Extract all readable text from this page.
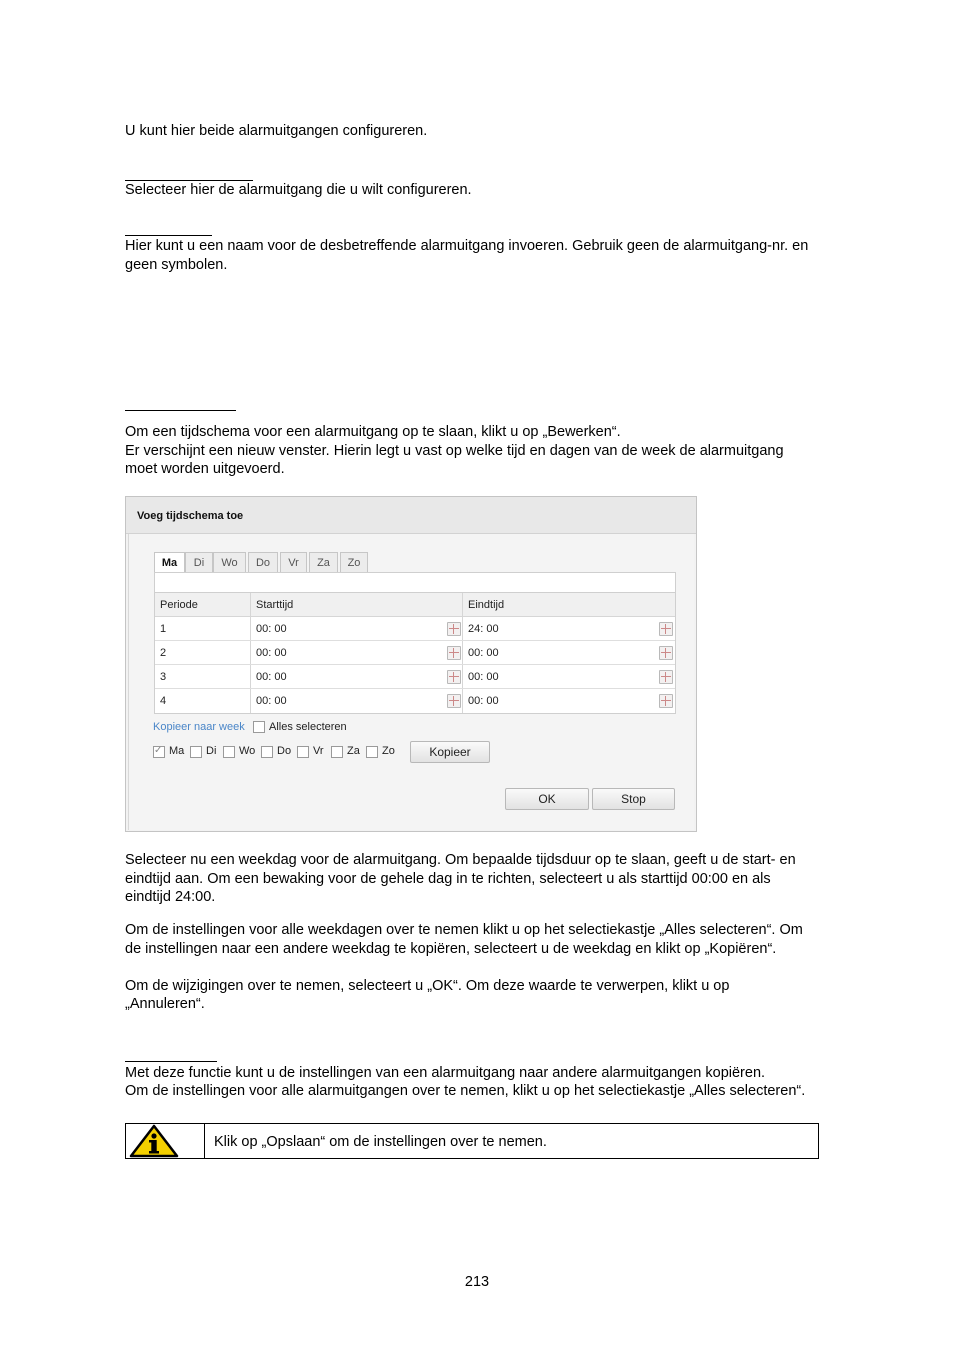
U kunt hier beide alarmuitgangen configureren.

Selecteer hier de alarmuitgang die u wilt configureren.

Hier kunt u een naam voor de desbetreffende alarmuitgang invoeren. Gebruik geen de alarmuitgang-nr. en

geen symbolen.

Om een tijdschema voor een alarmuitgang op te slaan, klikt u op „Bewerken“.

Er verschijnt een nieuw venster. Hierin legt u vast op welke tijd en dagen van de week de alarmuitgang

moet worden uitgevoerd.

Voeg tijdschema toe
Ma	Di	Wo	Do	Vr	Za	Zo
Periode	Starttijd	Eindtijd
1	00: 00	24: 00
2	00: 00	00: 00
3	00: 00	00: 00
4	00: 00	00: 00
Kopieer naar week Alles selecteren
✓
Ma Di Wo Do Vr Za Zo	Kopieer
OK	Stop

Selecteer nu een weekdag voor de alarmuitgang. Om bepaalde tijdsduur op te slaan, geeft u de start- en

eindtijd aan. Om een bewaking voor de gehele dag in te richten, selecteert u als starttijd 00:00 en als

eindtijd 24:00.

Om de instellingen voor alle weekdagen over te nemen klikt u op het selectiekastje „Alles selecteren“. Om

de instellingen naar een andere weekdag te kopiëren, selecteert u de weekdag en klikt op „Kopiëren“.

Om de wijzigingen over te nemen, selecteert u „OK“. Om deze waarde te verwerpen, klikt u op

„Annuleren“.

Met deze functie kunt u de instellingen van een alarmuitgang naar andere alarmuitgangen kopiëren.

Om de instellingen voor alle alarmuitgangen over te nemen, klikt u op het selectiekastje „Alles selecteren“.

Klik op „Opslaan“ om de instellingen over te nemen.
213
